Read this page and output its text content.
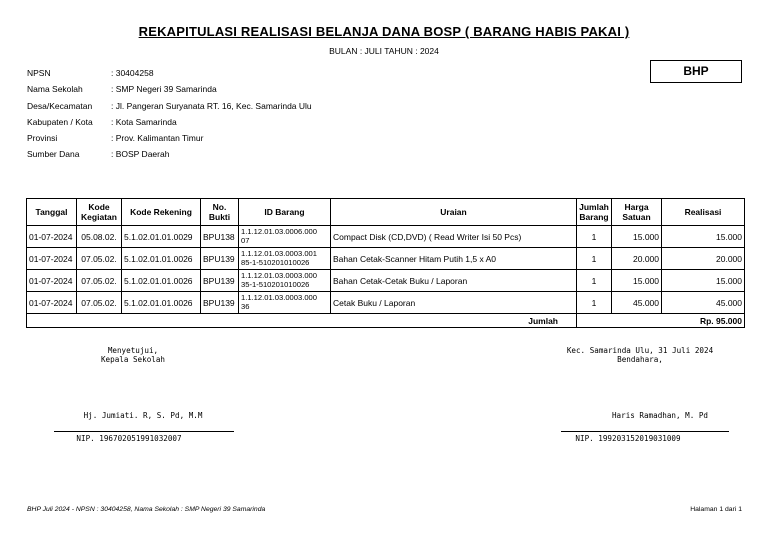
REKAPITULASI REALISASI BELANJA DANA BOSP ( BARANG HABIS PAKAI )
BULAN : JULI TAHUN : 2024
BHP
NPSN	: 30404258
Nama Sekolah	: SMP Negeri 39 Samarinda
Desa/Kecamatan	: Jl. Pangeran Suryanata RT. 16, Kec. Samarinda Ulu
Kabupaten / Kota	: Kota Samarinda
Provinsi	: Prov. Kalimantan Timur
Sumber Dana	: BOSP Daerah
Tanggal	Kode Kegiatan	Kode Rekening	No. Bukti	ID Barang	Uraian	Jumlah Barang	Harga Satuan	Realisasi
01-07-2024	05.08.02.	5.1.02.01.01.0029	BPU138	1.1.12.01.03.0006.000
07	Compact Disk (CD,DVD) ( Read Writer Isi 50 Pcs)	1	15.000	15.000
01-07-2024	07.05.02.	5.1.02.01.01.0026	BPU139	1.1.12.01.03.0003.001
85-1-510201010026	Bahan Cetak-Scanner Hitam Putih 1,5 x A0	1	20.000	20.000
01-07-2024	07.05.02.	5.1.02.01.01.0026	BPU139	1.1.12.01.03.0003.000
35-1-510201010026	Bahan Cetak-Cetak Buku / Laporan	1	15.000	15.000
01-07-2024	07.05.02.	5.1.02.01.01.0026	BPU139	1.1.12.01.03.0003.000
36	Cetak Buku / Laporan	1	45.000	45.000
Jumlah						Rp. 95.000		
Menyetujui,
Kepala Sekolah
Hj. Jumiati. R, S. Pd, M.M
NIP. 196702051991032007
Kec. Samarinda Ulu, 31 Juli 2024
Bendahara,
Haris Ramadhan, M. Pd
NIP. 199203152019031009
BHP Juli 2024 - NPSN : 30404258, Nama Sekolah : SMP Negeri 39 Samarinda	Halaman 1 dari 1
